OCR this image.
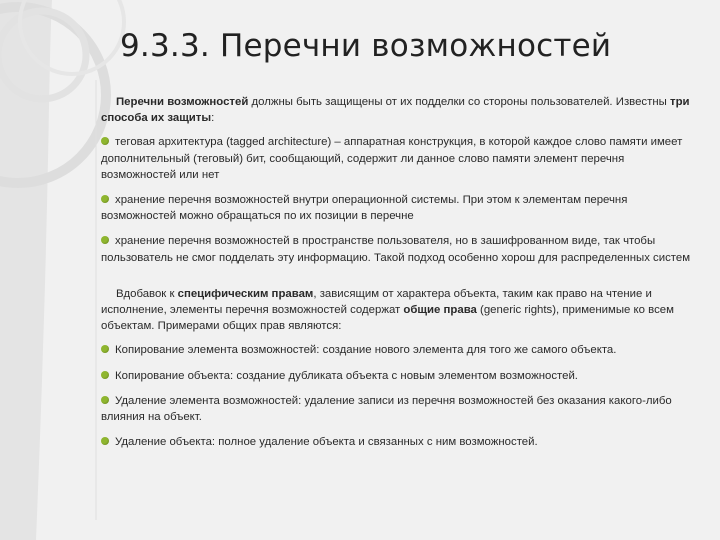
9.3.3. Перечни возможностей

Перечни возможностей должны быть защищены от их подделки со стороны пользователей. Известны три способа их защиты:

теговая архитектура (tagged architecture) – аппаратная конструкция, в которой каждое слово памяти имеет дополнительный (теговый) бит, сообщающий, содержит ли данное слово памяти элемент перечня возможностей или нет

хранение перечня возможностей внутри операционной системы. При этом к элементам перечня возможностей можно обращаться по их позиции в перечне

хранение перечня возможностей в пространстве пользователя, но в зашифрованном виде, так чтобы пользователь не смог подделать эту информацию. Такой подход особенно хорош для распределенных систем

Вдобавок к специфическим правам, зависящим от характера объекта, таким как право на чтение и исполнение, элементы перечня возможностей содержат общие права (generic rights), применимые ко всем объектам. Примерами общих прав являются:

Копирование элемента возможностей: создание нового элемента для того же самого объекта.

Копирование объекта: создание дубликата объекта с новым элементом возможностей.

Удаление элемента возможностей: удаление записи из перечня возможностей без оказания какого-либо влияния на объект.

Удаление объекта: полное удаление объекта и связанных с ним возможностей.
